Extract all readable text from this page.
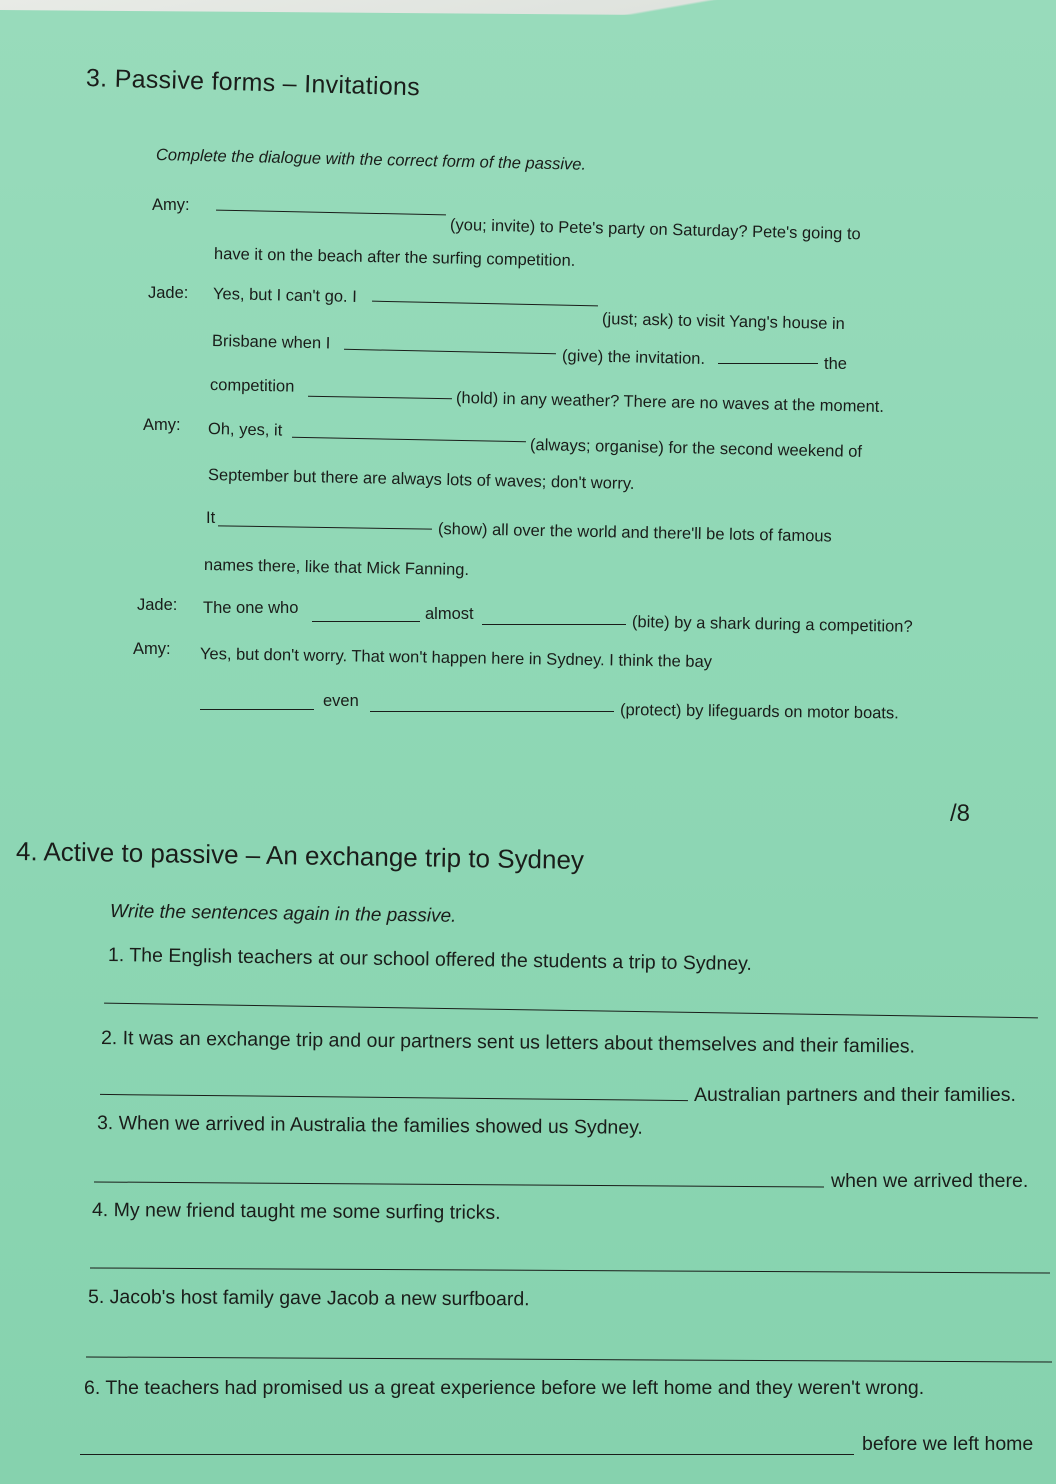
3. Passive forms – Invitations
Complete the dialogue with the correct form of the passive.
Amy:
(you; invite) to Pete's party on Saturday? Pete's going to
have it on the beach after the surfing competition.
Jade: Yes, but I can't go. I
(just; ask) to visit Yang's house in
Brisbane when I
(give) the invitation.	the
competition
(hold) in any weather? There are no waves at the moment.
Amy: Oh, yes, it
(always; organise) for the second weekend of
September but there are always lots of waves; don't worry.
It
(show) all over the world and there'll be lots of famous
names there, like that Mick Fanning.
Jade: The one who	almost	(bite) by a shark during a competition?
Amy: Yes, but don't worry. That won't happen here in Sydney. I think the bay
even
(protect) by lifeguards on motor boats.
/8
4. Active to passive – An exchange trip to Sydney
Write the sentences again in the passive.
1. The English teachers at our school offered the students a trip to Sydney.
2. It was an exchange trip and our partners sent us letters about themselves and their families.
Australian partners and their families.
3. When we arrived in Australia the families showed us Sydney.
when we arrived there.
4. My new friend taught me some surfing tricks.
5. Jacob's host family gave Jacob a new surfboard.
6. The teachers had promised us a great experience before we left home and they weren't wrong.
before we left home
